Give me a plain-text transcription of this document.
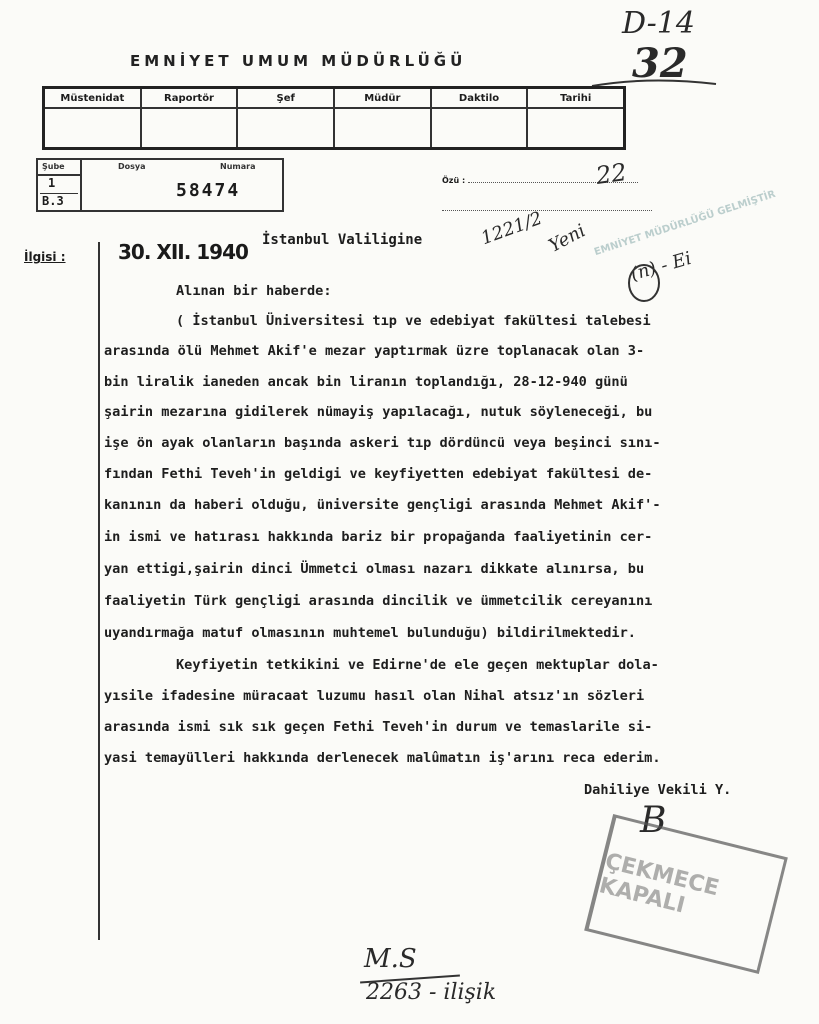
D-14
32
EMNİYET UMUM MÜDÜRLÜĞÜ
Müstenidat	Raportör	Şef	Müdür	Daktilo	Tarihi
Şube	Dosya	Numara
1
B.3	58474	Özü :	22
EMNİYET MÜDÜRLÜĞÜ GELMİŞTİR
1221/2 Yeni
(n) - Ei
İlgisi :	30. XII. 1940 İstanbul Valiligine
Alınan bir haberde:
( İstanbul Üniversitesi tıp ve edebiyat fakültesi talebesi
arasında ölü Mehmet Akif'e mezar yaptırmak üzre toplanacak olan 3-
bin liralik ianeden ancak bin liranın toplandığı, 28-12-940 günü
şairin mezarına gidilerek nümayiş yapılacağı, nutuk söyleneceği, bu
işe ön ayak olanların başında askeri tıp dördüncü veya beşinci sını-
fından Fethi Teveh'in geldigi ve keyfiyetten edebiyat fakültesi de-
kanının da haberi olduğu, üniversite gençligi arasında Mehmet Akif'-
in ismi ve hatırası hakkında bariz bir propağanda faaliyetinin cer-
yan ettigi,şairin dinci Ümmetci olması nazarı dikkate alınırsa, bu
faaliyetin Türk gençligi arasında dincilik ve ümmetcilik cereyanını
uyandırmağa matuf olmasının muhtemel bulunduğu) bildirilmektedir.
Keyfiyetin tetkikini ve Edirne'de ele geçen mektuplar dola-
yısile ifadesine müracaat luzumu hasıl olan Nihal atsız'ın sözleri
arasında ismi sık sık geçen Fethi Teveh'in durum ve temaslarile si-
yasi temayülleri hakkında derlenecek malûmatın iş'arını reca ederim.
Dahiliye Vekili Y.
B
ÇEKMECE KAPALI
M.S
2263 - ilişik
